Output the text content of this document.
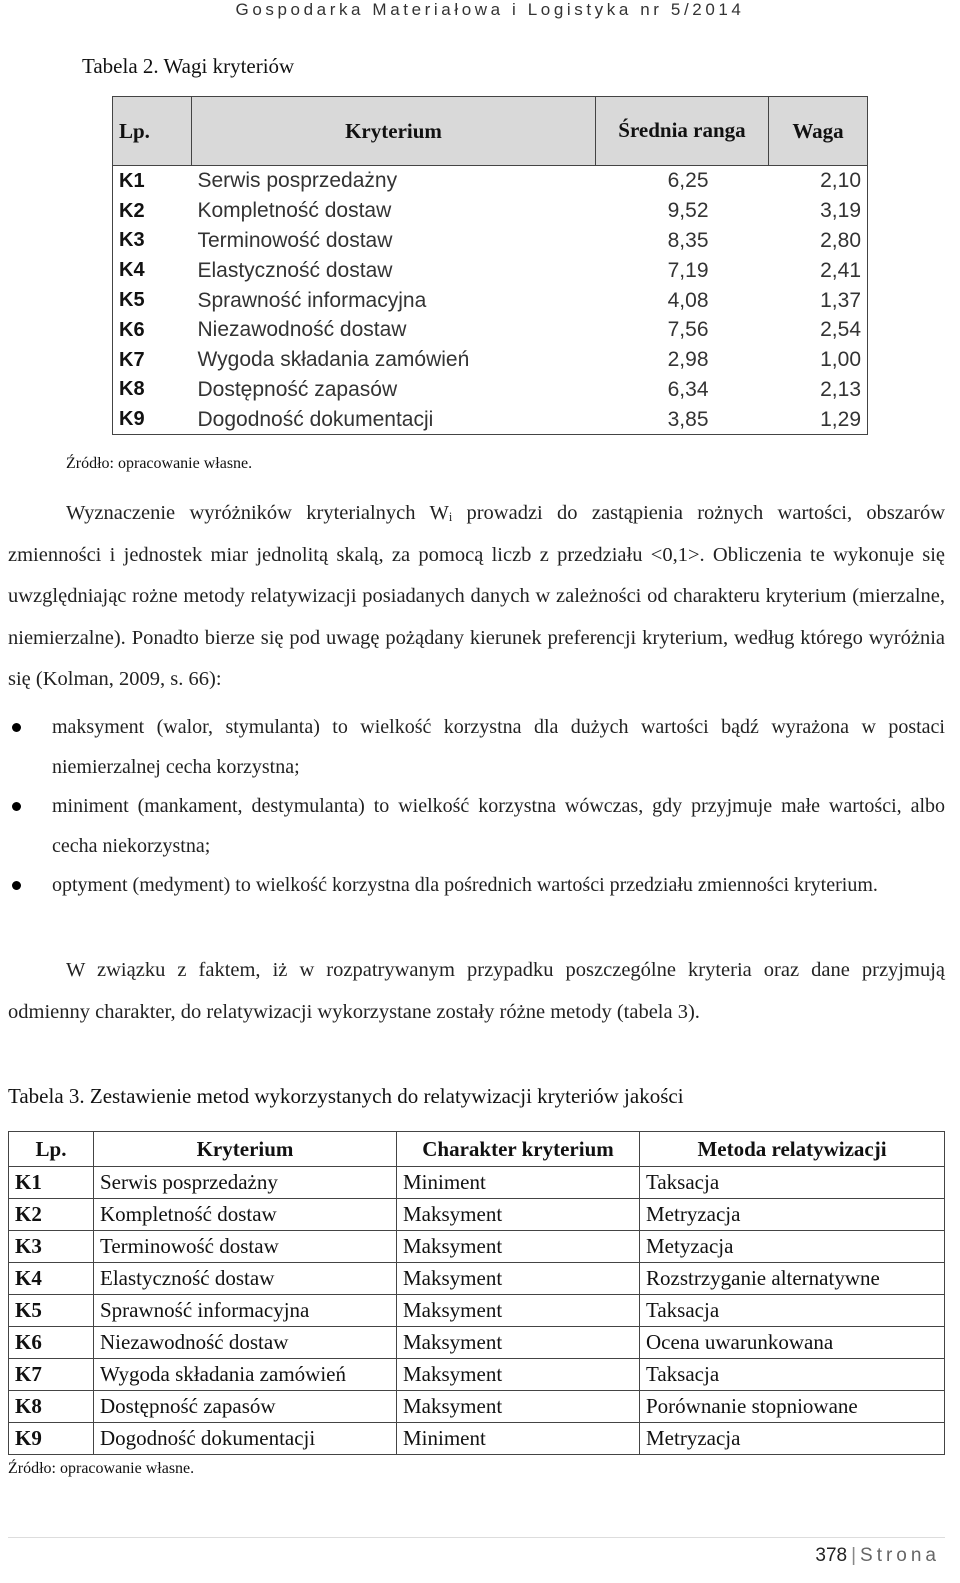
Gospodarka Materiałowa i Logistyka nr 5/2014
Tabela 2. Wagi kryteriów
Lp.	Kryterium	Średnia ranga	Waga
K1	Serwis posprzedażny	6,25	2,10
K2	Kompletność dostaw	9,52	3,19
K3	Terminowość dostaw	8,35	2,80
K4	Elastyczność dostaw	7,19	2,41
K5	Sprawność informacyjna	4,08	1,37
K6	Niezawodność dostaw	7,56	2,54
K7	Wygoda składania zamówień	2,98	1,00
K8	Dostępność zapasów	6,34	2,13
K9	Dogodność dokumentacji	3,85	1,29
Źródło: opracowanie własne.
Wyznaczenie wyróżników kryterialnych Wᵢ prowadzi do zastąpienia rożnych wartości, obszarów zmienności i jednostek miar jednolitą skalą, za pomocą liczb z przedziału <0,1>. Obliczenia te wykonuje się uwzględniając rożne metody relatywizacji posiadanych danych w zależności od charakteru kryterium (mierzalne, niemierzalne). Ponadto bierze się pod uwagę pożądany kierunek preferencji kryterium, według którego wyróżnia się (Kolman, 2009, s. 66):
maksyment (walor, stymulanta) to wielkość korzystna dla dużych wartości bądź wyrażona w postaci niemierzalnej cecha korzystna;
miniment (mankament, destymulanta) to wielkość korzystna wówczas, gdy przyjmuje małe wartości, albo cecha niekorzystna;
optyment (medyment) to wielkość korzystna dla pośrednich wartości przedziału zmienności kryterium.
W związku z faktem, iż w rozpatrywanym przypadku poszczególne kryteria oraz dane przyjmują odmienny charakter, do relatywizacji wykorzystane zostały różne metody (tabela 3).
Tabela 3. Zestawienie metod wykorzystanych do relatywizacji kryteriów jakości
Lp.	Kryterium	Charakter kryterium	Metoda relatywizacji
K1	Serwis posprzedażny	Miniment	Taksacja
K2	Kompletność dostaw	Maksyment	Metryzacja
K3	Terminowość dostaw	Maksyment	Metyzacja
K4	Elastyczność dostaw	Maksyment	Rozstrzyganie alternatywne
K5	Sprawność informacyjna	Maksyment	Taksacja
K6	Niezawodność dostaw	Maksyment	Ocena uwarunkowana
K7	Wygoda składania zamówień	Maksyment	Taksacja
K8	Dostępność zapasów	Maksyment	Porównanie stopniowane
K9	Dogodność dokumentacji	Miniment	Metryzacja
Źródło: opracowanie własne.
378 | Strona
